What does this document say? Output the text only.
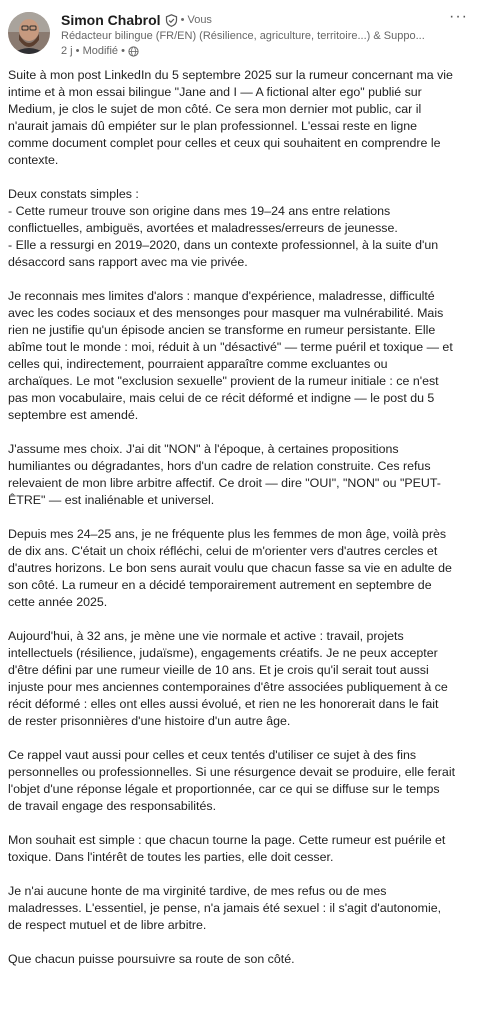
Simon Chabrol • Vous
Rédacteur bilingue (FR/EN) (Résilience, agriculture, territoire...) & Suppo...
2 j • Modifié •
···
Suite à mon post LinkedIn du 5 septembre 2025 sur la rumeur concernant ma vie
intime et à mon essai bilingue "Jane and I — A fictional alter ego" publié sur
Medium, je clos le sujet de mon côté. Ce sera mon dernier mot public, car il
n'aurait jamais dû empiéter sur le plan professionnel. L'essai reste en ligne
comme document complet pour celles et ceux qui souhaitent en comprendre le
contexte.
Deux constats simples :
- Cette rumeur trouve son origine dans mes 19–24 ans entre relations
conflictuelles, ambiguës, avortées et maladresses/erreurs de jeunesse.
- Elle a ressurgi en 2019–2020, dans un contexte professionnel, à la suite d'un
désaccord sans rapport avec ma vie privée.
Je reconnais mes limites d'alors : manque d'expérience, maladresse, difficulté
avec les codes sociaux et des mensonges pour masquer ma vulnérabilité. Mais
rien ne justifie qu'un épisode ancien se transforme en rumeur persistante. Elle
abîme tout le monde : moi, réduit à un "désactivé" — terme puéril et toxique — et
celles qui, indirectement, pourraient apparaître comme excluantes ou
archaïques. Le mot "exclusion sexuelle" provient de la rumeur initiale : ce n'est
pas mon vocabulaire, mais celui de ce récit déformé et indigne — le post du 5
septembre est amendé.
J'assume mes choix. J'ai dit "NON" à l'époque, à certaines propositions
humiliantes ou dégradantes, hors d'un cadre de relation construite. Ces refus
relevaient de mon libre arbitre affectif. Ce droit — dire "OUI", "NON" ou "PEUT-
ÊTRE" — est inaliénable et universel.
Depuis mes 24–25 ans, je ne fréquente plus les femmes de mon âge, voilà près
de dix ans. C'était un choix réfléchi, celui de m'orienter vers d'autres cercles et
d'autres horizons. Le bon sens aurait voulu que chacun fasse sa vie en adulte de
son côté. La rumeur en a décidé temporairement autrement en septembre de
cette année 2025.
Aujourd'hui, à 32 ans, je mène une vie normale et active : travail, projets
intellectuels (résilience, judaïsme), engagements créatifs. Je ne peux accepter
d'être défini par une rumeur vieille de 10 ans. Et je crois qu'il serait tout aussi
injuste pour mes anciennes contemporaines d'être associées publiquement à ce
récit déformé : elles ont elles aussi évolué, et rien ne les honorerait dans le fait
de rester prisonnières d'une histoire d'un autre âge.
Ce rappel vaut aussi pour celles et ceux tentés d'utiliser ce sujet à des fins
personnelles ou professionnelles. Si une résurgence devait se produire, elle ferait
l'objet d'une réponse légale et proportionnée, car ce qui se diffuse sur le temps
de travail engage des responsabilités.
Mon souhait est simple : que chacun tourne la page. Cette rumeur est puérile et
toxique. Dans l'intérêt de toutes les parties, elle doit cesser.
Je n'ai aucune honte de ma virginité tardive, de mes refus ou de mes
maladresses. L'essentiel, je pense, n'a jamais été sexuel : il s'agit d'autonomie,
de respect mutuel et de libre arbitre.
Que chacun puisse poursuivre sa route de son côté.
